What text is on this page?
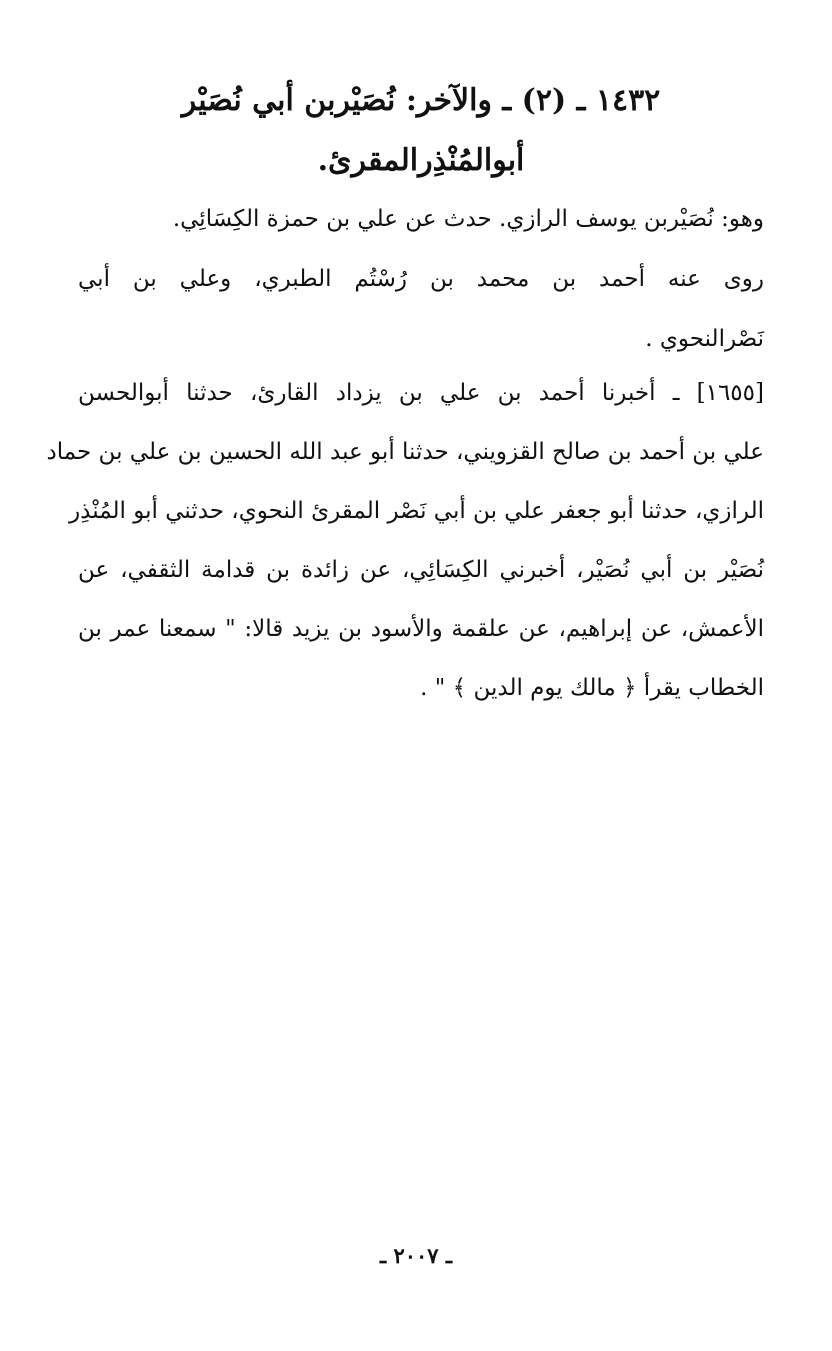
١٤٣٢ ـ (٢) ـ والآخر: نُصَيْربن أبي نُصَيْر
أبوالمُنْذِرالمقرئ.
وهو: نُصَيْربن يوسف الرازي. حدث عن علي بن حمزة الكِسَائِي.
روى عنه أحمد بن محمد بن رُسْتُم الطبري، وعلي بن أبي
نَصْرالنحوي .
[١٦٥٥] ـ أخبرنا أحمد بن علي بن يزداد القارئ، حدثنا أبوالحسن
علي بن أحمد بن صالح القزويني، حدثنا أبو عبد الله الحسين بن علي بن حماد
الرازي، حدثنا أبو جعفر علي بن أبي نَصْر المقرئ النحوي، حدثني أبو المُنْذِر
نُصَيْر بن أبي نُصَيْر، أخبرني الكِسَائِي، عن زائدة بن قدامة الثقفي، عن
الأعمش، عن إبراهيم، عن علقمة والأسود بن يزيد قالا: " سمعنا عمر بن
الخطاب يقرأ ﴿ مالك يوم الدين ﴾ " .
ـ ٢٠٠٧ ـ
